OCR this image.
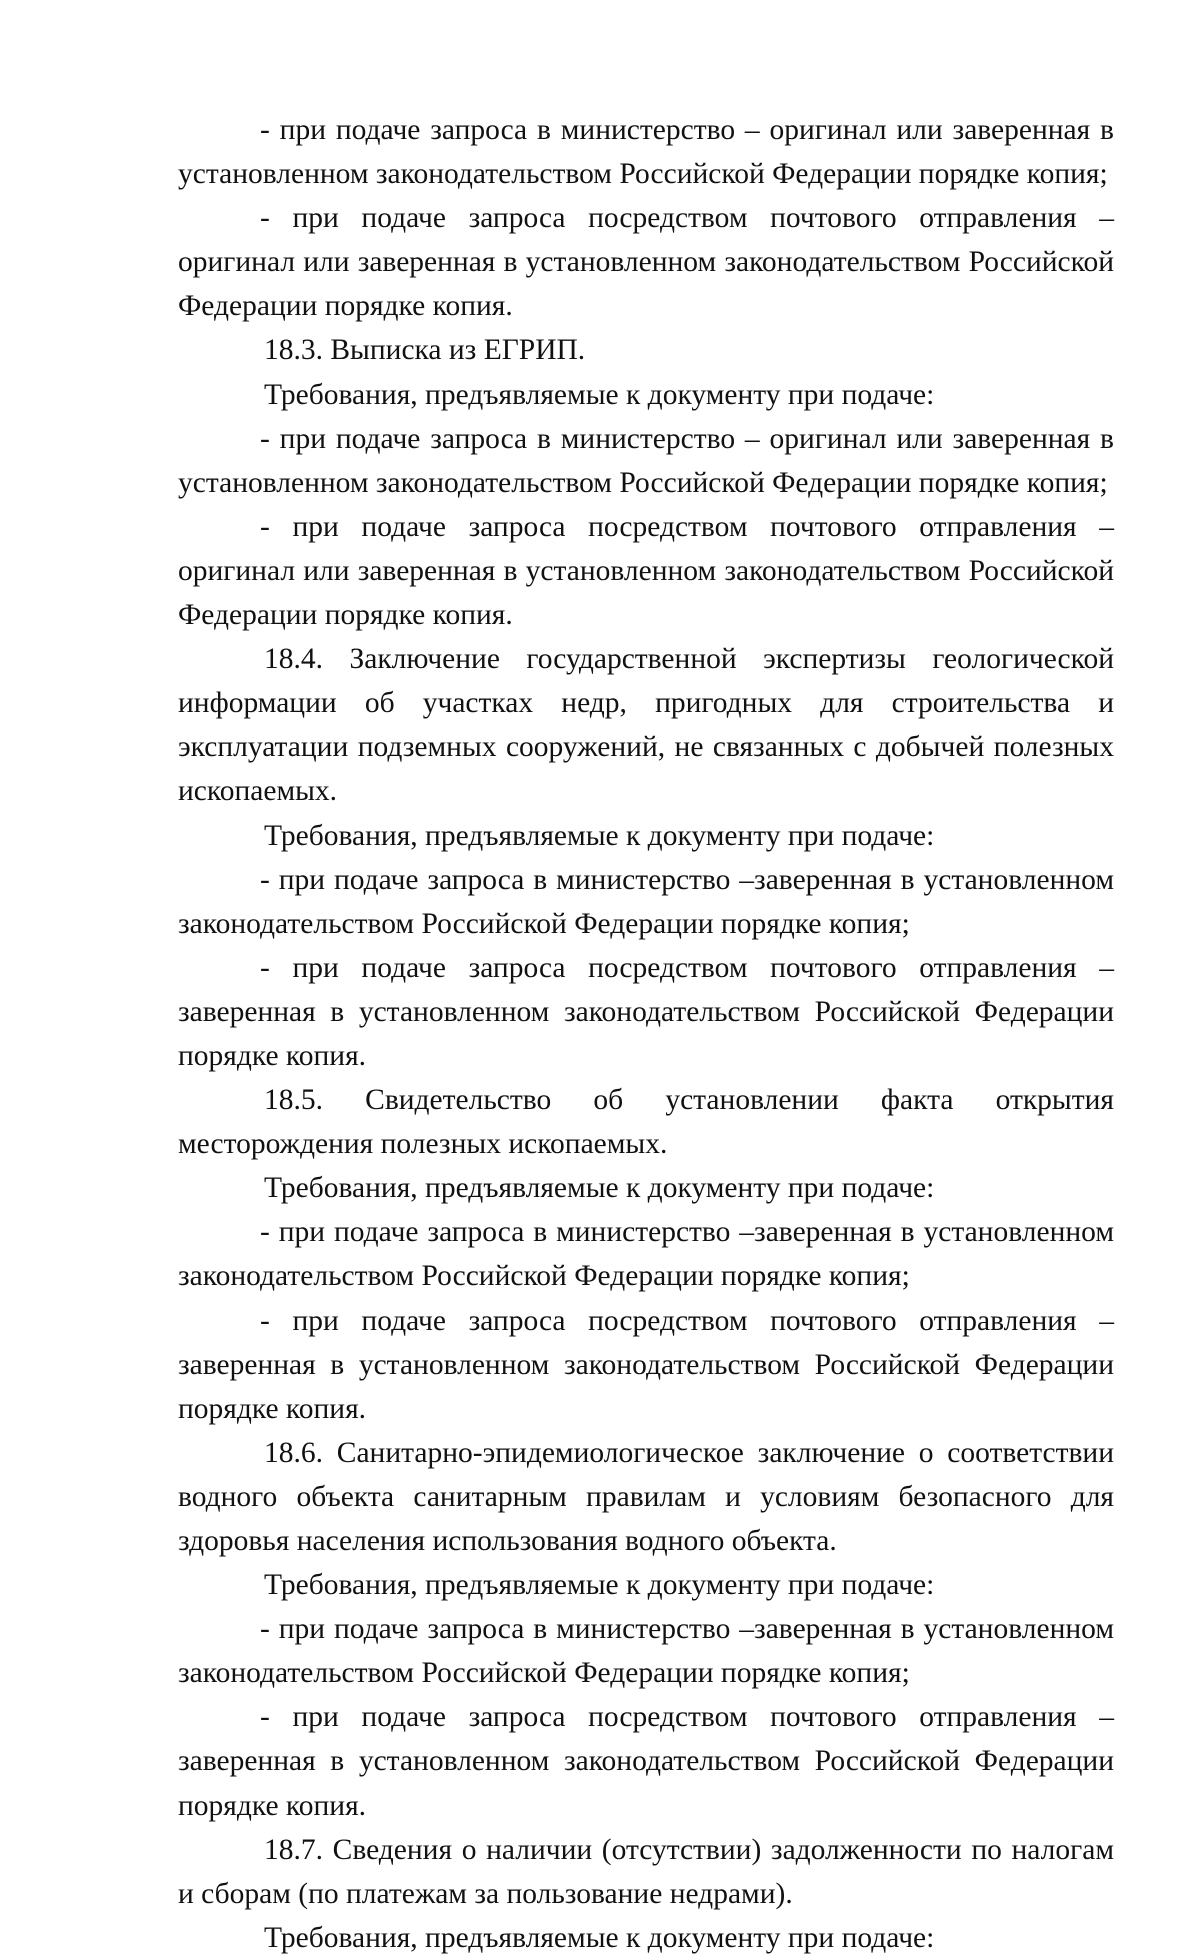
- при подаче запроса в министерство – оригинал или заверенная в установленном законодательством Российской Федерации порядке копия;

- при подаче запроса посредством почтового отправления – оригинал или заверенная в установленном законодательством Российской Федерации порядке копия.

18.3. Выписка из ЕГРИП.

Требования, предъявляемые к документу при подаче:

- при подаче запроса в министерство – оригинал или заверенная в установленном законодательством Российской Федерации порядке копия;

- при подаче запроса посредством почтового отправления – оригинал или заверенная в установленном законодательством Российской Федерации порядке копия.

18.4. Заключение государственной экспертизы геологической информации об участках недр, пригодных для строительства и эксплуатации подземных сооружений, не связанных с добычей полезных ископаемых.

Требования, предъявляемые к документу при подаче:

- при подаче запроса в министерство –заверенная в установленном законодательством Российской Федерации порядке копия;

- при подаче запроса посредством почтового отправления – заверенная в установленном законодательством Российской Федерации порядке копия.

18.5. Свидетельство об установлении факта открытия месторождения полезных ископаемых.

Требования, предъявляемые к документу при подаче:

- при подаче запроса в министерство –заверенная в установленном законодательством Российской Федерации порядке копия;

- при подаче запроса посредством почтового отправления – заверенная в установленном законодательством Российской Федерации порядке копия.

18.6. Санитарно-эпидемиологическое заключение о соответствии водного объекта санитарным правилам и условиям безопасного для здоровья населения использования водного объекта.

Требования, предъявляемые к документу при подаче:

- при подаче запроса в министерство –заверенная в установленном законодательством Российской Федерации порядке копия;

- при подаче запроса посредством почтового отправления – заверенная в установленном законодательством Российской Федерации порядке копия.

18.7. Сведения о наличии (отсутствии) задолженности по налогам и сборам (по платежам за пользование недрами).

Требования, предъявляемые к документу при подаче:
